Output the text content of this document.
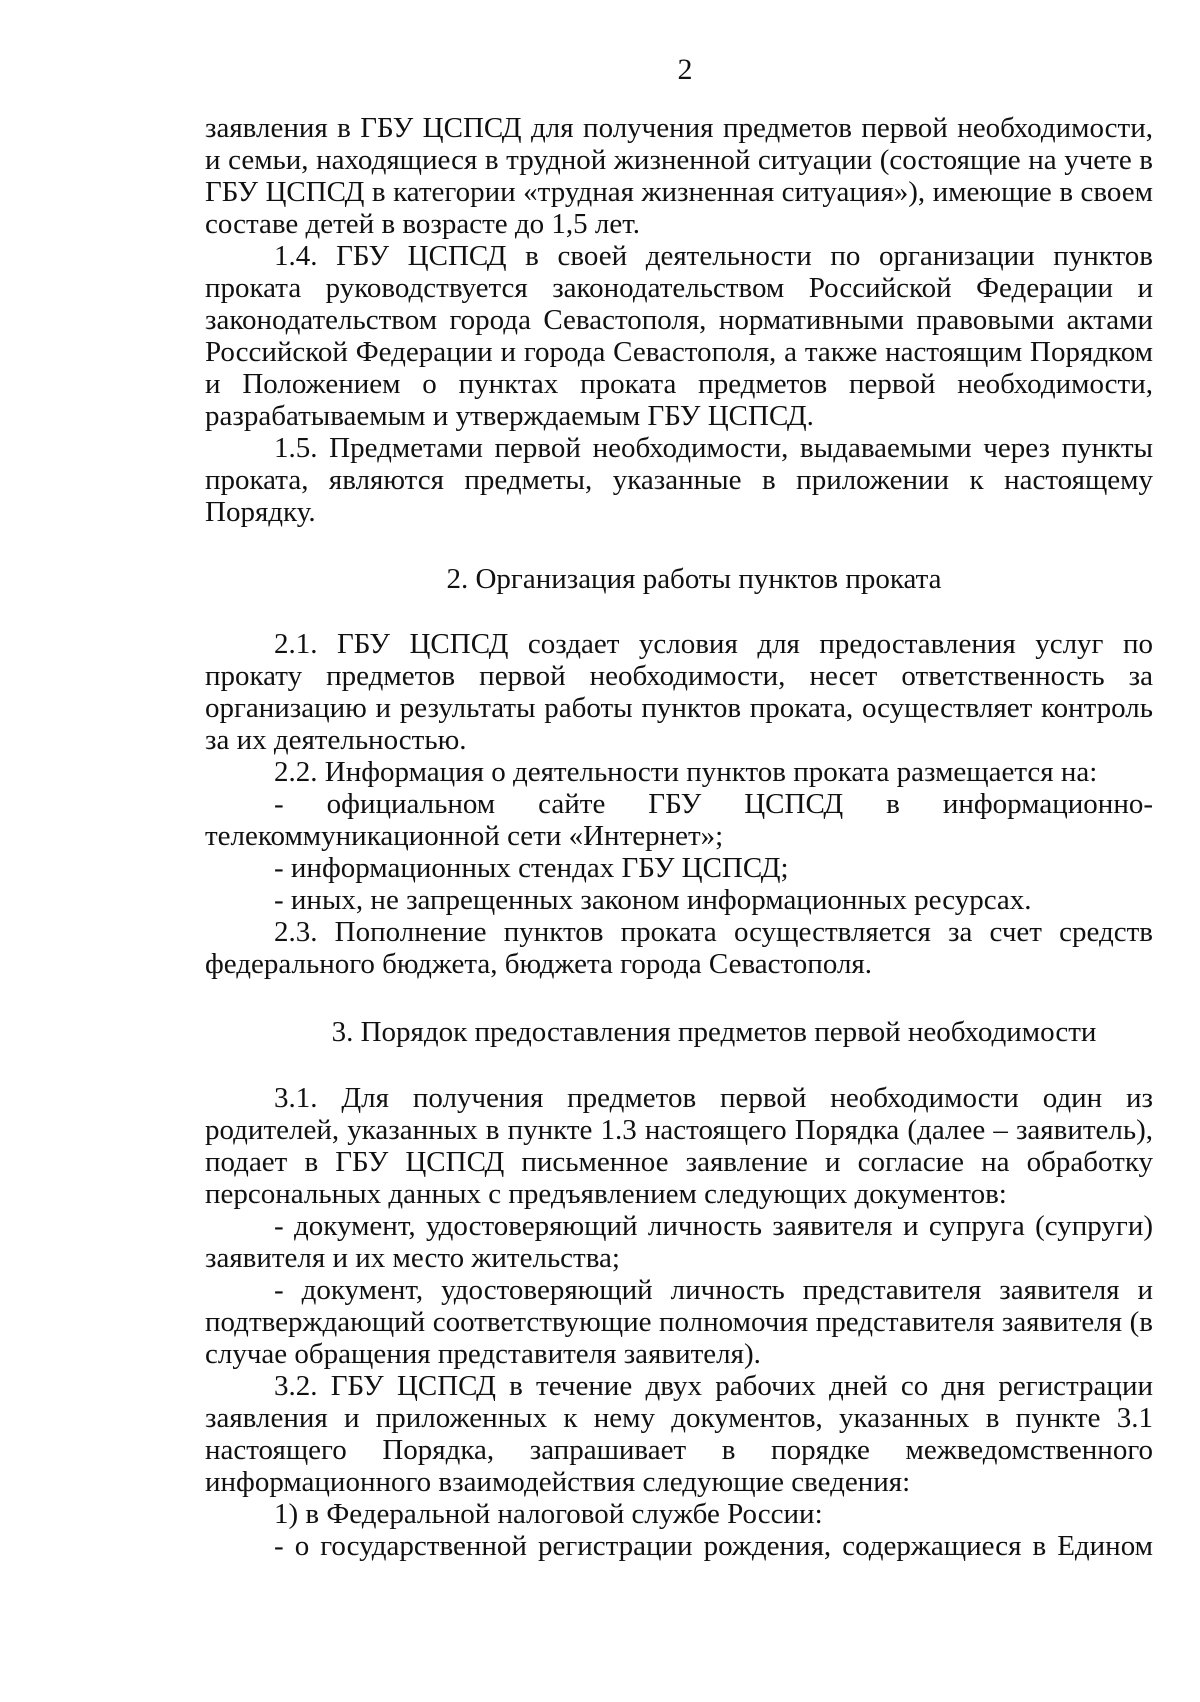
2

заявления в ГБУ ЦСПСД для получения предметов первой необходимости, и семьи, находящиеся в трудной жизненной ситуации (состоящие на учете в ГБУ ЦСПСД в категории «трудная жизненная ситуация»), имеющие в своем составе детей в возрасте до 1,5 лет.

1.4. ГБУ ЦСПСД в своей деятельности по организации пунктов проката руководствуется законодательством Российской Федерации и законодательством города Севастополя, нормативными правовыми актами Российской Федерации и города Севастополя, а также настоящим Порядком и Положением о пунктах проката предметов первой необходимости, разрабатываемым и утверждаемым ГБУ ЦСПСД.

1.5. Предметами первой необходимости, выдаваемыми через пункты проката, являются предметы, указанные в приложении к настоящему Порядку.

2. Организация работы пунктов проката

2.1. ГБУ ЦСПСД создает условия для предоставления услуг по прокату предметов первой необходимости, несет ответственность за организацию и результаты работы пунктов проката, осуществляет контроль за их деятельностью.

2.2. Информация о деятельности пунктов проката размещается на:

- официальном сайте ГБУ ЦСПСД в информационно-телекоммуникационной сети «Интернет»;

- информационных стендах ГБУ ЦСПСД;

- иных, не запрещенных законом информационных ресурсах.

2.3. Пополнение пунктов проката осуществляется за счет средств федерального бюджета, бюджета города Севастополя.

3. Порядок предоставления предметов первой необходимости

3.1. Для получения предметов первой необходимости один из родителей, указанных в пункте 1.3 настоящего Порядка (далее – заявитель), подает в ГБУ ЦСПСД письменное заявление и согласие на обработку персональных данных с предъявлением следующих документов:

- документ, удостоверяющий личность заявителя и супруга (супруги) заявителя и их место жительства;

- документ, удостоверяющий личность представителя заявителя и подтверждающий соответствующие полномочия представителя заявителя (в случае обращения представителя заявителя).

3.2. ГБУ ЦСПСД в течение двух рабочих дней со дня регистрации заявления и приложенных к нему документов, указанных в пункте 3.1 настоящего Порядка, запрашивает в порядке межведомственного информационного взаимодействия следующие сведения:

1) в Федеральной налоговой службе России:

- о государственной регистрации рождения, содержащиеся в Едином
